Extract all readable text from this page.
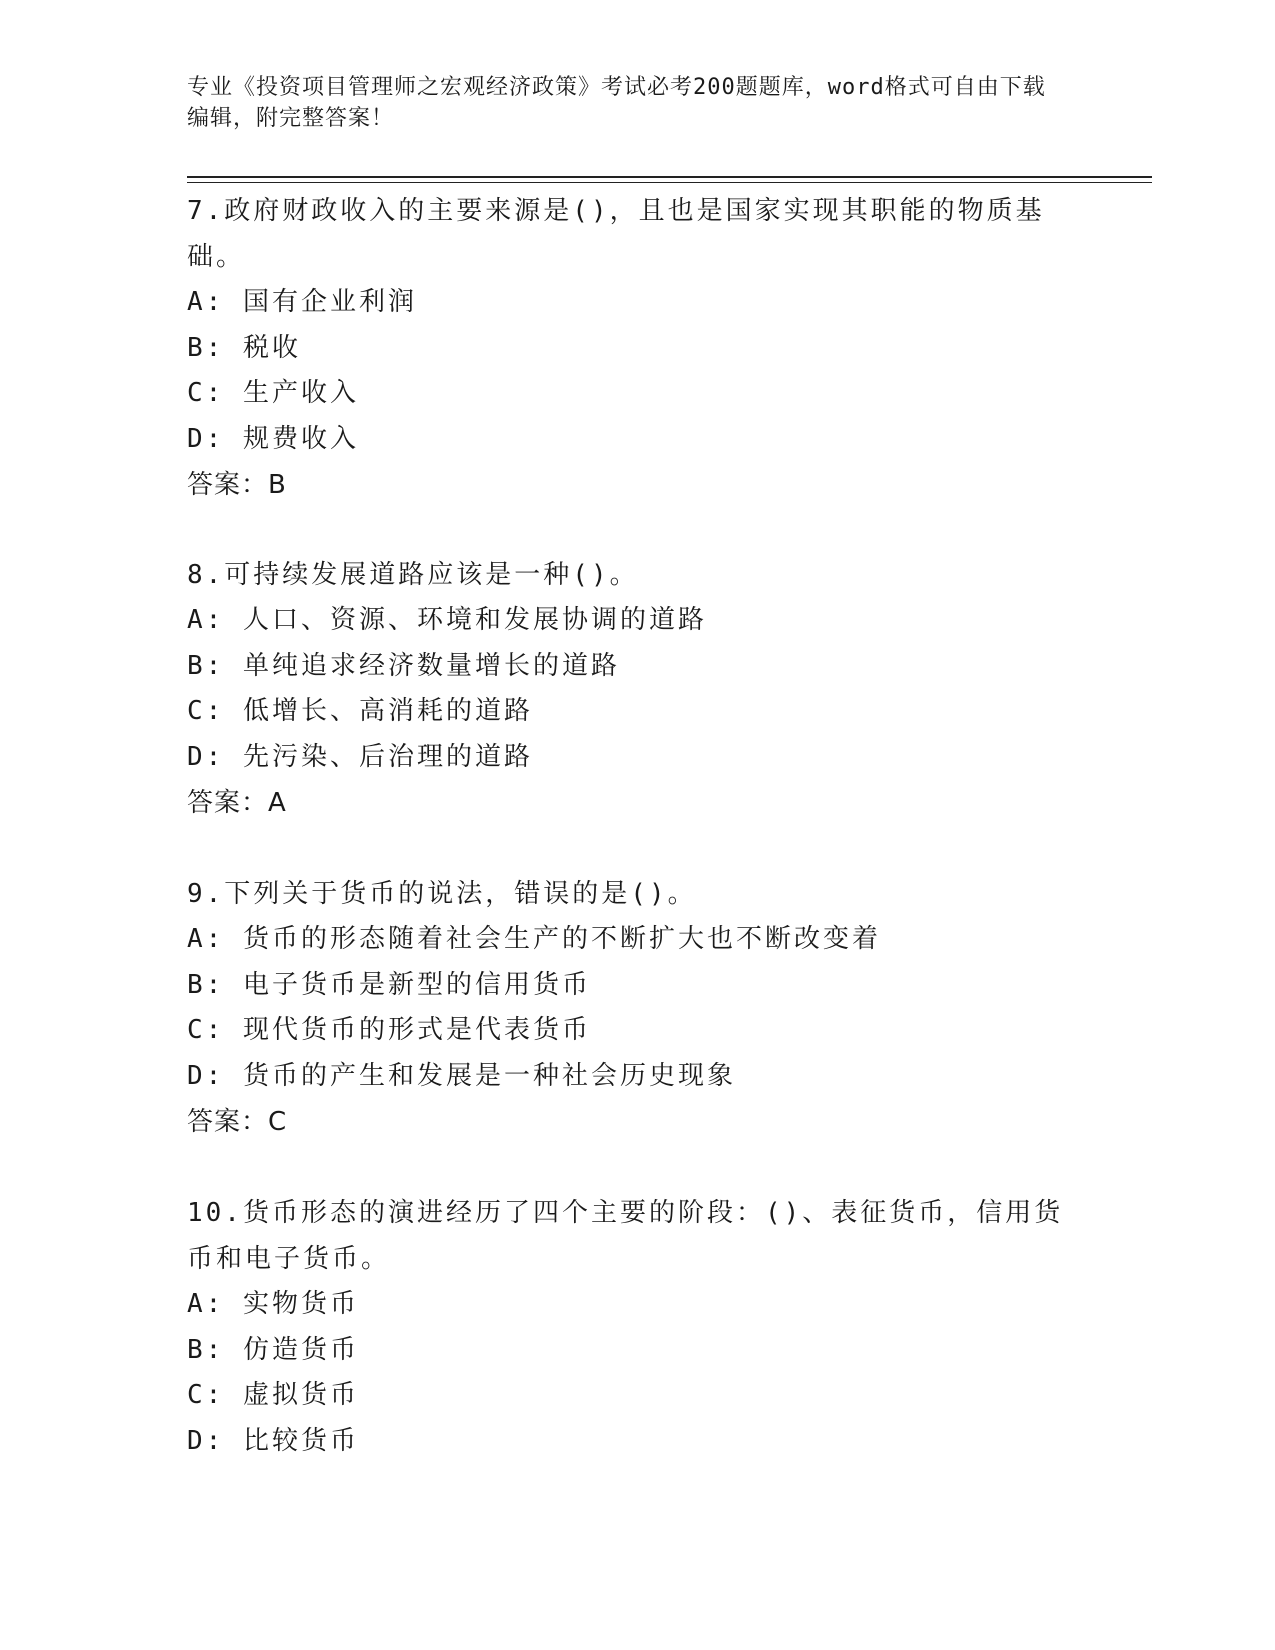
专业《投资项目管理师之宏观经济政策》考试必考200题题库，word格式可自由下载编辑，附完整答案！
7.政府财政收入的主要来源是()，且也是国家实现其职能的物质基础。
A: 国有企业利润
B: 税收
C: 生产收入
D: 规费收入
答案：B
8.可持续发展道路应该是一种()。
A: 人口、资源、环境和发展协调的道路
B: 单纯追求经济数量增长的道路
C: 低增长、高消耗的道路
D: 先污染、后治理的道路
答案：A
9.下列关于货币的说法，错误的是()。
A: 货币的形态随着社会生产的不断扩大也不断改变着
B: 电子货币是新型的信用货币
C: 现代货币的形式是代表货币
D: 货币的产生和发展是一种社会历史现象
答案：C
10.货币形态的演进经历了四个主要的阶段：()、表征货币，信用货币和电子货币。
A: 实物货币
B: 仿造货币
C: 虚拟货币
D: 比较货币
